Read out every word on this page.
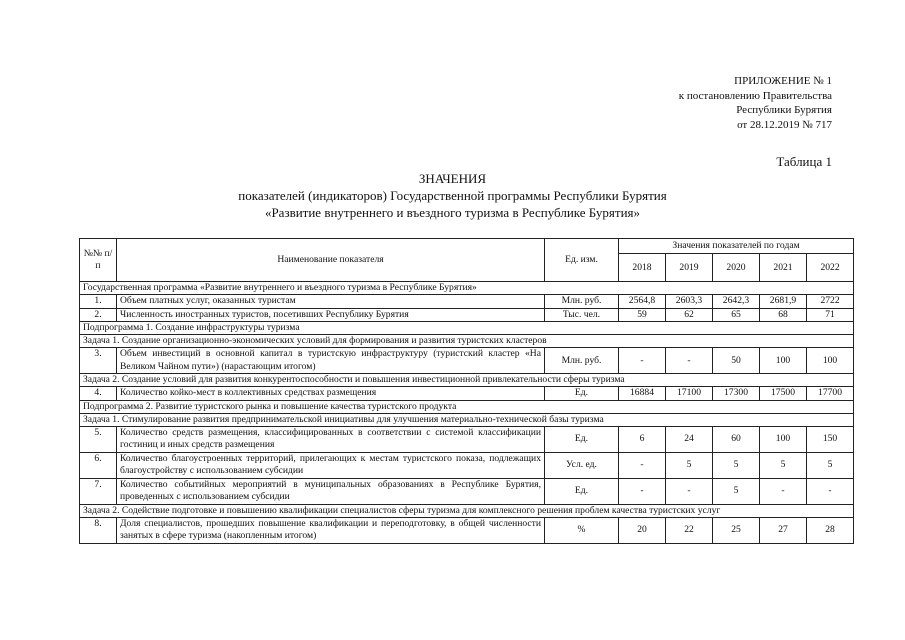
ПРИЛОЖЕНИЕ № 1
к постановлению Правительства
Республики Бурятия
от 28.12.2019 № 717
Таблица 1
ЗНАЧЕНИЯ
показателей (индикаторов) Государственной программы Республики Бурятия
«Развитие внутреннего и въездного туризма в Республике Бурятия»
№№ п/п	Наименование показателя	Ед. изм.	Значения показателей по годам				
			2018	2019	2020	2021	2022
Государственная программа «Развитие внутреннего и въездного туризма в Республике Бурятия»							
1.	Объем платных услуг, оказанных туристам	Млн. руб.	2564,8	2603,3	2642,3	2681,9	2722
2.	Численность иностранных туристов, посетивших Республику Бурятия	Тыс. чел.	59	62	65	68	71
Подпрограмма 1. Создание инфраструктуры туризма							
Задача 1. Создание организационно-экономических условий для формирования и развития туристских кластеров							
3.	Объем инвестиций в основной капитал в туристскую инфраструктуру (туристский кластер «На Великом Чайном пути») (нарастающим итогом)	Млн. руб.	-	-	50	100	100
Задача 2. Создание условий для развития конкурентоспособности и повышения инвестиционной привлекательности сферы туризма							
4.	Количество койко-мест в коллективных средствах размещения	Ед.	16884	17100	17300	17500	17700
Подпрограмма 2. Развитие туристского рынка и повышение качества туристского продукта							
Задача 1. Стимулирование развития предпринимательской инициативы для улучшения материально-технической базы туризма							
5.	Количество средств размещения, классифицированных в соответствии с системой классификации гостиниц и иных средств размещения	Ед.	6	24	60	100	150
6.	Количество благоустроенных территорий, прилегающих к местам туристского показа, подлежащих благоустройству с использованием субсидии	Усл. ед.	-	5	5	5	5
7.	Количество событийных мероприятий в муниципальных образованиях в Республике Бурятия, проведенных с использованием субсидии	Ед.	-	-	5	-	-
Задача 2. Содействие подготовке и повышению квалификации специалистов сферы туризма для комплексного решения проблем качества туристских услуг							
8.	Доля специалистов, прошедших повышение квалификации и переподготовку, в общей численности занятых в сфере туризма (накопленным итогом)	%	20	22	25	27	28
